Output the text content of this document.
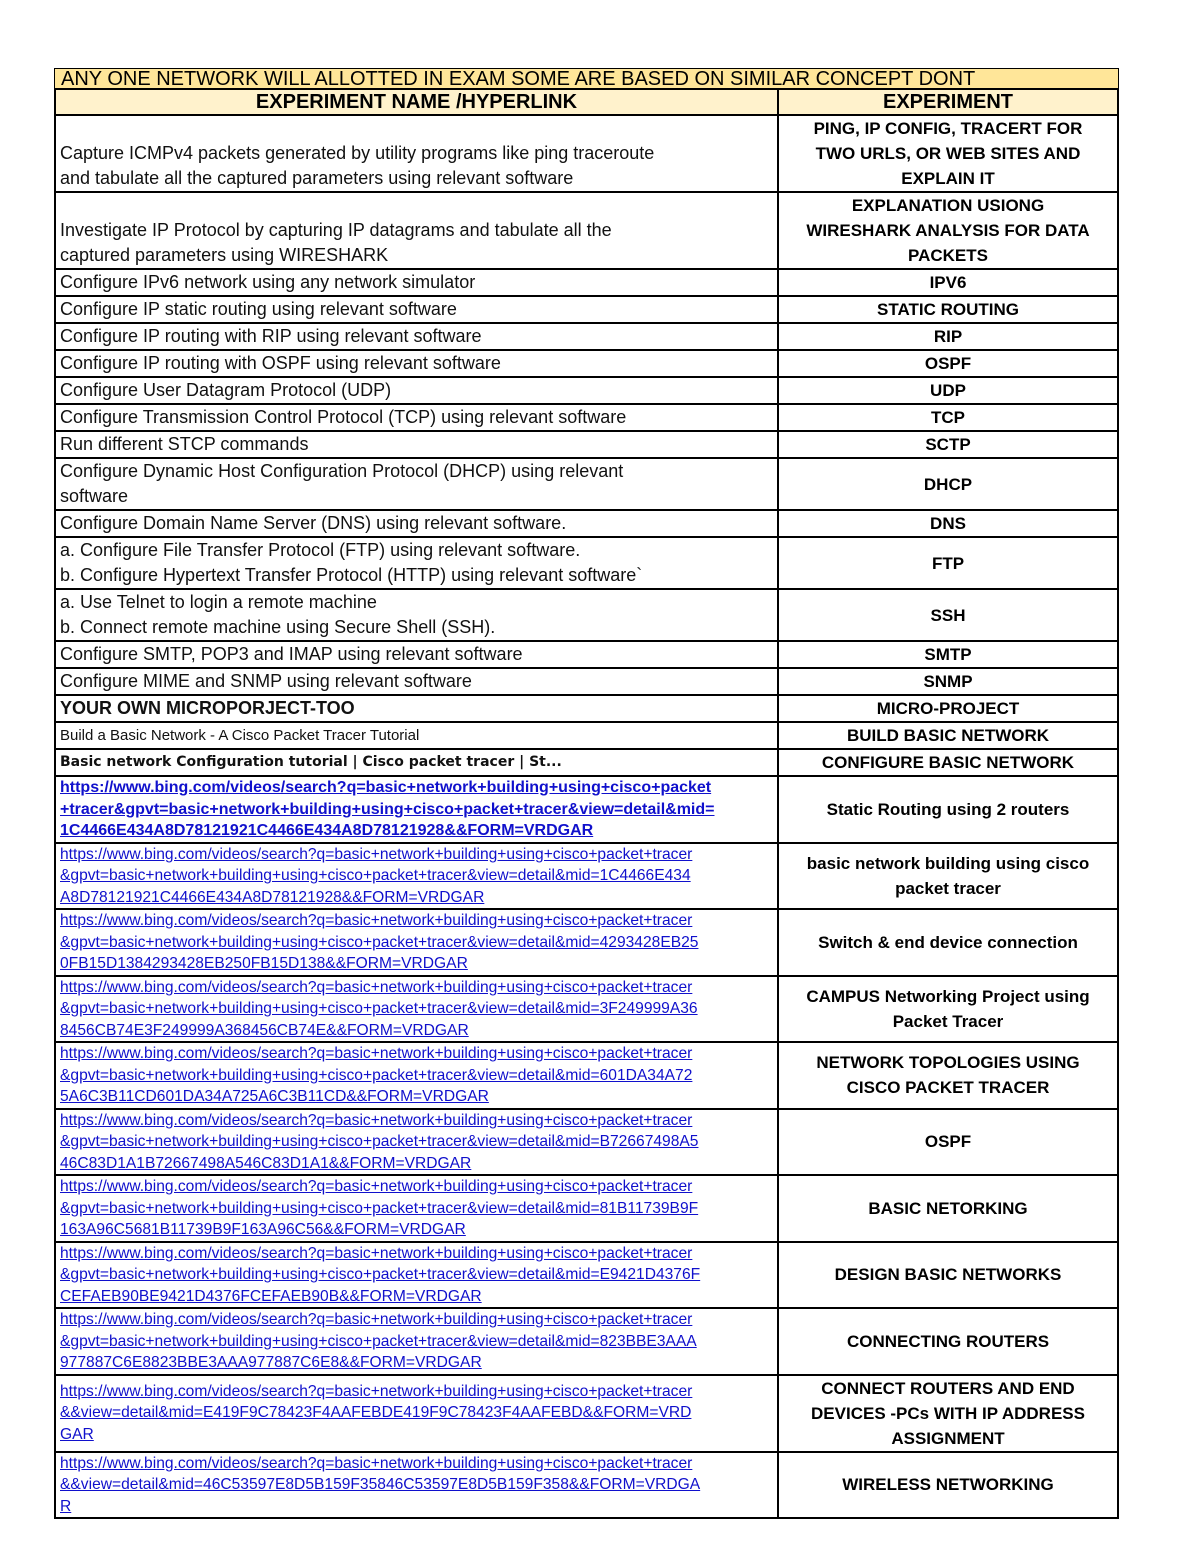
ANY ONE NETWORK WILL ALLOTTED IN EXAM SOME ARE BASED ON SIMILAR CONCEPT DONT
EXPERIMENT NAME /HYPERLINK	EXPERIMENT

Capture ICMPv4 packets generated by utility programs like ping traceroute
and tabulate all the captured parameters using relevant software	PING, IP CONFIG, TRACERT FOR
TWO URLS, OR WEB SITES AND
EXPLAIN IT

Investigate IP Protocol by capturing IP datagrams and tabulate all the
captured parameters using WIRESHARK	EXPLANATION USIONG
WIRESHARK ANALYSIS FOR DATA
PACKETS

Configure IPv6 network using any network simulator	IPV6

Configure IP static routing using relevant software	STATIC ROUTING

Configure IP routing with RIP using relevant software	RIP

Configure IP routing with OSPF using relevant software	OSPF

Configure User Datagram Protocol (UDP)	UDP

Configure Transmission Control Protocol (TCP) using relevant software	TCP

Run different STCP commands	SCTP

Configure Dynamic Host Configuration Protocol (DHCP) using relevant
software	DHCP

Configure Domain Name Server (DNS) using relevant software.	DNS

a. Configure File Transfer Protocol (FTP) using relevant software.
b. Configure Hypertext Transfer Protocol (HTTP) using relevant software`	FTP

a. Use Telnet to login a remote machine
b. Connect remote machine using Secure Shell (SSH).	SSH

Configure SMTP, POP3 and IMAP using relevant software	SMTP

Configure MIME and SNMP using relevant software	SNMP

YOUR OWN MICROPORJECT-TOO	MICRO-PROJECT

Build a Basic Network - A Cisco Packet Tracer Tutorial	BUILD BASIC NETWORK

Basic network Configuration tutorial | Cisco packet tracer | St...	CONFIGURE BASIC NETWORK

https://www.bing.com/videos/search?q=basic+network+building+using+cisco+packet
+tracer&gpvt=basic+network+building+using+cisco+packet+tracer&view=detail&mid=
1C4466E434A8D78121921C4466E434A8D78121928&&FORM=VRDGAR	Static Routing using 2 routers

https://www.bing.com/videos/search?q=basic+network+building+using+cisco+packet+tracer
&gpvt=basic+network+building+using+cisco+packet+tracer&view=detail&mid=1C4466E434
A8D78121921C4466E434A8D78121928&&FORM=VRDGAR	basic network building using cisco
packet tracer

https://www.bing.com/videos/search?q=basic+network+building+using+cisco+packet+tracer
&gpvt=basic+network+building+using+cisco+packet+tracer&view=detail&mid=4293428EB25
0FB15D1384293428EB250FB15D138&&FORM=VRDGAR	Switch & end device connection

https://www.bing.com/videos/search?q=basic+network+building+using+cisco+packet+tracer
&gpvt=basic+network+building+using+cisco+packet+tracer&view=detail&mid=3F249999A36
8456CB74E3F249999A368456CB74E&&FORM=VRDGAR	CAMPUS Networking Project using
Packet Tracer

https://www.bing.com/videos/search?q=basic+network+building+using+cisco+packet+tracer
&gpvt=basic+network+building+using+cisco+packet+tracer&view=detail&mid=601DA34A72
5A6C3B11CD601DA34A725A6C3B11CD&&FORM=VRDGAR	NETWORK TOPOLOGIES USING
CISCO PACKET TRACER

https://www.bing.com/videos/search?q=basic+network+building+using+cisco+packet+tracer
&gpvt=basic+network+building+using+cisco+packet+tracer&view=detail&mid=B72667498A5
46C83D1A1B72667498A546C83D1A1&&FORM=VRDGAR	OSPF

https://www.bing.com/videos/search?q=basic+network+building+using+cisco+packet+tracer
&gpvt=basic+network+building+using+cisco+packet+tracer&view=detail&mid=81B11739B9F
163A96C5681B11739B9F163A96C56&&FORM=VRDGAR	BASIC NETORKING

https://www.bing.com/videos/search?q=basic+network+building+using+cisco+packet+tracer
&gpvt=basic+network+building+using+cisco+packet+tracer&view=detail&mid=E9421D4376F
CEFAEB90BE9421D4376FCEFAEB90B&&FORM=VRDGAR	DESIGN BASIC NETWORKS

https://www.bing.com/videos/search?q=basic+network+building+using+cisco+packet+tracer
&gpvt=basic+network+building+using+cisco+packet+tracer&view=detail&mid=823BBE3AAA
977887C6E8823BBE3AAA977887C6E8&&FORM=VRDGAR	CONNECTING ROUTERS

https://www.bing.com/videos/search?q=basic+network+building+using+cisco+packet+tracer
&&view=detail&mid=E419F9C78423F4AAFEBDE419F9C78423F4AAFEBD&&FORM=VRD
GAR	CONNECT ROUTERS AND END
DEVICES -PCs WITH IP ADDRESS
ASSIGNMENT

https://www.bing.com/videos/search?q=basic+network+building+using+cisco+packet+tracer
&&view=detail&mid=46C53597E8D5B159F35846C53597E8D5B159F358&&FORM=VRDGA
R	WIRELESS NETWORKING
